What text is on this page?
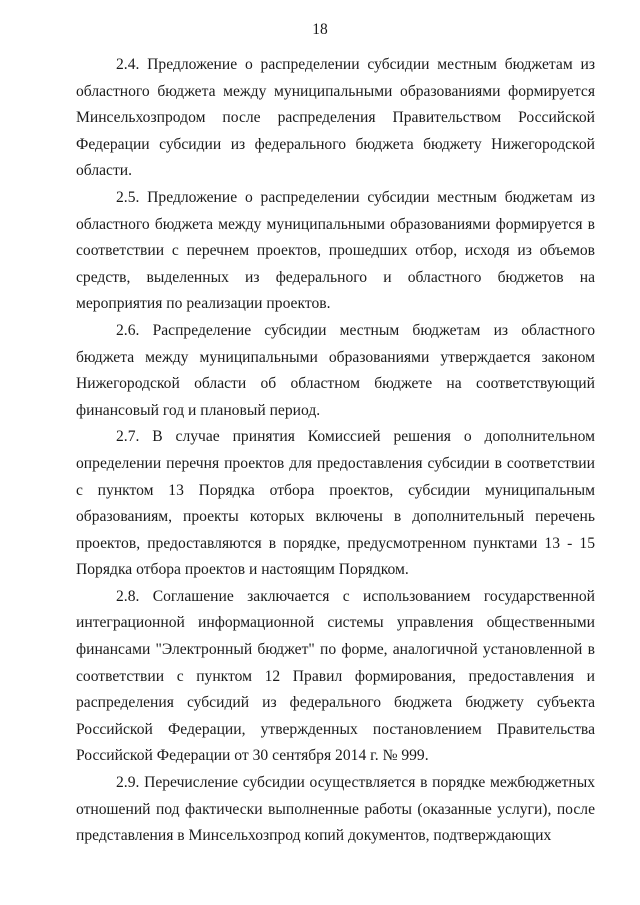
18

2.4. Предложение о распределении субсидии местным бюджетам из областного бюджета между муниципальными образованиями формируется Минсельхозпродом после распределения Правительством Российской Федерации субсидии из федерального бюджета бюджету Нижегородской области.

2.5. Предложение о распределении субсидии местным бюджетам из областного бюджета между муниципальными образованиями формируется в соответствии с перечнем проектов, прошедших отбор, исходя из объемов средств, выделенных из федерального и областного бюджетов на мероприятия по реализации проектов.

2.6. Распределение субсидии местным бюджетам из областного бюджета между муниципальными образованиями утверждается законом Нижегородской области об областном бюджете на соответствующий финансовый год и плановый период.

2.7. В случае принятия Комиссией решения о дополнительном определении перечня проектов для предоставления субсидии в соответствии с пунктом 13 Порядка отбора проектов, субсидии муниципальным образованиям, проекты которых включены в дополнительный перечень проектов, предоставляются в порядке, предусмотренном пунктами 13 - 15 Порядка отбора проектов и настоящим Порядком.

2.8. Соглашение заключается с использованием государственной интеграционной информационной системы управления общественными финансами "Электронный бюджет" по форме, аналогичной установленной в соответствии с пунктом 12 Правил формирования, предоставления и распределения субсидий из федерального бюджета бюджету субъекта Российской Федерации, утвержденных постановлением Правительства Российской Федерации от 30 сентября 2014 г. № 999.

2.9. Перечисление субсидии осуществляется в порядке межбюджетных отношений под фактически выполненные работы (оказанные услуги), после представления в Минсельхозпрод копий документов, подтверждающих
